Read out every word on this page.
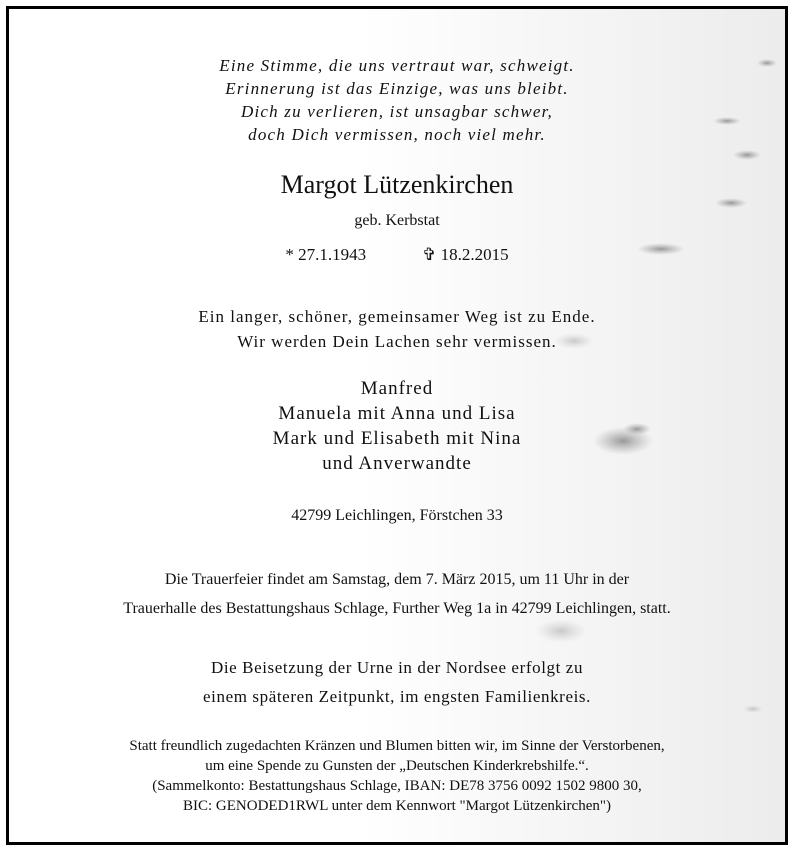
Eine Stimme, die uns vertraut war, schweigt.
Erinnerung ist das Einzige, was uns bleibt.
Dich zu verlieren, ist unsagbar schwer,
doch Dich vermissen, noch viel mehr.
Margot Lützenkirchen
geb. Kerbstat
* 27.1.1943	✞ 18.2.2015
Ein langer, schöner, gemeinsamer Weg ist zu Ende.
Wir werden Dein Lachen sehr vermissen.
Manfred
Manuela mit Anna und Lisa
Mark und Elisabeth mit Nina
und Anverwandte
42799 Leichlingen, Förstchen 33
Die Trauerfeier findet am Samstag, dem 7. März 2015, um 11 Uhr in der
Trauerhalle des Bestattungshaus Schlage, Further Weg 1a in 42799 Leichlingen, statt.
Die Beisetzung der Urne in der Nordsee erfolgt zu
einem späteren Zeitpunkt, im engsten Familienkreis.
Statt freundlich zugedachten Kränzen und Blumen bitten wir, im Sinne der Verstorbenen,
um eine Spende zu Gunsten der „Deutschen Kinderkrebshilfe.“.
(Sammelkonto: Bestattungshaus Schlage, IBAN: DE78 3756 0092 1502 9800 30,
BIC: GENODED1RWL unter dem Kennwort "Margot Lützenkirchen")
